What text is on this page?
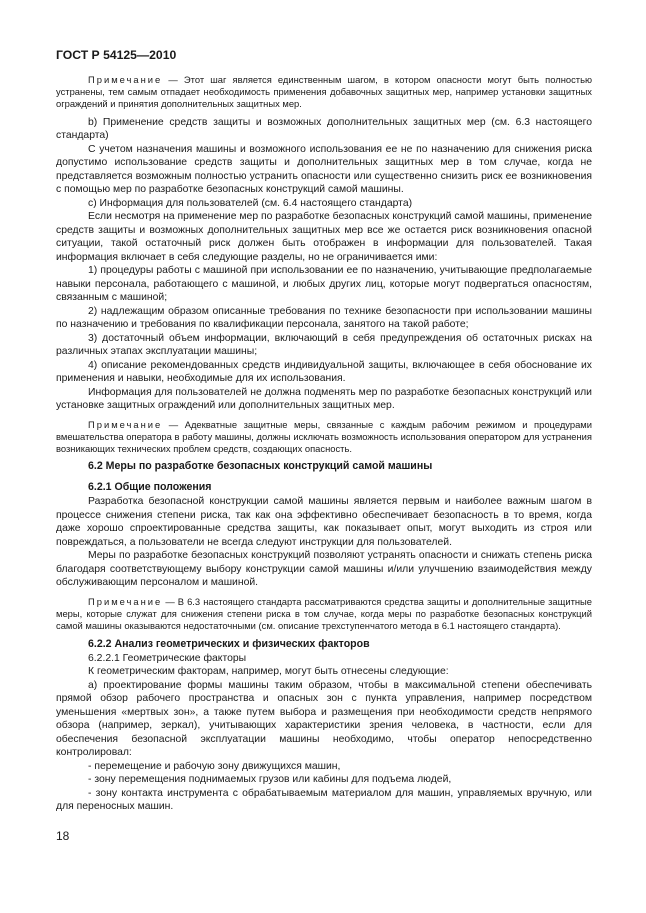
ГОСТ Р 54125—2010

Примечание — Этот шаг является единственным шагом, в котором опасности могут быть полностью устранены, тем самым отпадает необходимость применения добавочных защитных мер, например установки защитных ограждений и принятия дополнительных защитных мер.

b) Применение средств защиты и возможных дополнительных защитных мер (см. 6.3 настоящего стандарта)

С учетом назначения машины и возможного использования ее не по назначению для снижения риска допустимо использование средств защиты и дополнительных защитных мер в том случае, когда не представляется возможным полностью устранить опасности или существенно снизить риск ее возникновения с помощью мер по разработке безопасных конструкций самой машины.

с) Информация для пользователей (см. 6.4 настоящего стандарта)

Если несмотря на применение мер по разработке безопасных конструкций самой машины, применение средств защиты и возможных дополнительных защитных мер все же остается риск возникновения опасной ситуации, такой остаточный риск должен быть отображен в информации для пользователей. Такая информация включает в себя следующие разделы, но не ограничивается ими:

1) процедуры работы с машиной при использовании ее по назначению, учитывающие предполагаемые навыки персонала, работающего с машиной, и любых других лиц, которые могут подвергаться опасностям, связанным с машиной;

2) надлежащим образом описанные требования по технике безопасности при использовании машины по назначению и требования по квалификации персонала, занятого на такой работе;

3) достаточный объем информации, включающий в себя предупреждения об остаточных рисках на различных этапах эксплуатации машины;

4) описание рекомендованных средств индивидуальной защиты, включающее в себя обоснование их применения и навыки, необходимые для их использования.

Информация для пользователей не должна подменять мер по разработке безопасных конструкций или установке защитных ограждений или дополнительных защитных мер.

Примечание — Адекватные защитные меры, связанные с каждым рабочим режимом и процедурами вмешательства оператора в работу машины, должны исключать возможность использования оператором для устранения возникающих технических проблем средств, создающих опасность.

6.2 Меры по разработке безопасных конструкций самой машины

6.2.1 Общие положения

Разработка безопасной конструкции самой машины является первым и наиболее важным шагом в процессе снижения степени риска, так как она эффективно обеспечивает безопасность в то время, когда даже хорошо спроектированные средства защиты, как показывает опыт, могут выходить из строя или повреждаться, а пользователи не всегда следуют инструкции для пользователей.

Меры по разработке безопасных конструкций позволяют устранять опасности и снижать степень риска благодаря соответствующему выбору конструкции самой машины и/или улучшению взаимодействия между обслуживающим персоналом и машиной.

Примечание — В 6.3 настоящего стандарта рассматриваются средства защиты и дополнительные защитные меры, которые служат для снижения степени риска в том случае, когда меры по разработке безопасных конструкций самой машины оказываются недостаточными (см. описание трехступенчатого метода в 6.1 настоящего стандарта).

6.2.2 Анализ геометрических и физических факторов

6.2.2.1 Геометрические факторы

К геометрическим факторам, например, могут быть отнесены следующие:

а) проектирование формы машины таким образом, чтобы в максимальной степени обеспечивать прямой обзор рабочего пространства и опасных зон с пункта управления, например посредством уменьшения «мертвых зон», а также путем выбора и размещения при необходимости средств непрямого обзора (например, зеркал), учитывающих характеристики зрения человека, в частности, если для обеспечения безопасной эксплуатации машины необходимо, чтобы оператор непосредственно контролировал:

- перемещение и рабочую зону движущихся машин,

- зону перемещения поднимаемых грузов или кабины для подъема людей,

- зону контакта инструмента с обрабатываемым материалом для машин, управляемых вручную, или для переносных машин.

18
